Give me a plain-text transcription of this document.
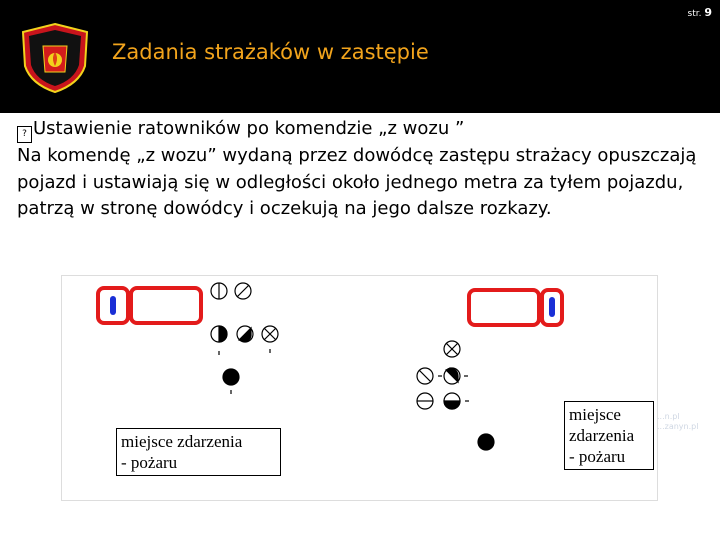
str. 9
Zadania strażaków w zastępie

? Ustawienie ratowników po komendzie „z wozu ”

Na komendę „z wozu” wydaną przez dowódcę zastępu strażacy opuszczają pojazd i ustawiają się w odległości około jednego metra za tyłem pojazdu, patrzą w stronę dowódcy i oczekują na jego dalsze rozkazy.

miejsce zdarzenia
- pożaru
miejsce
zdarzenia
- pożaru
...n.pl
...zanyn.pl
